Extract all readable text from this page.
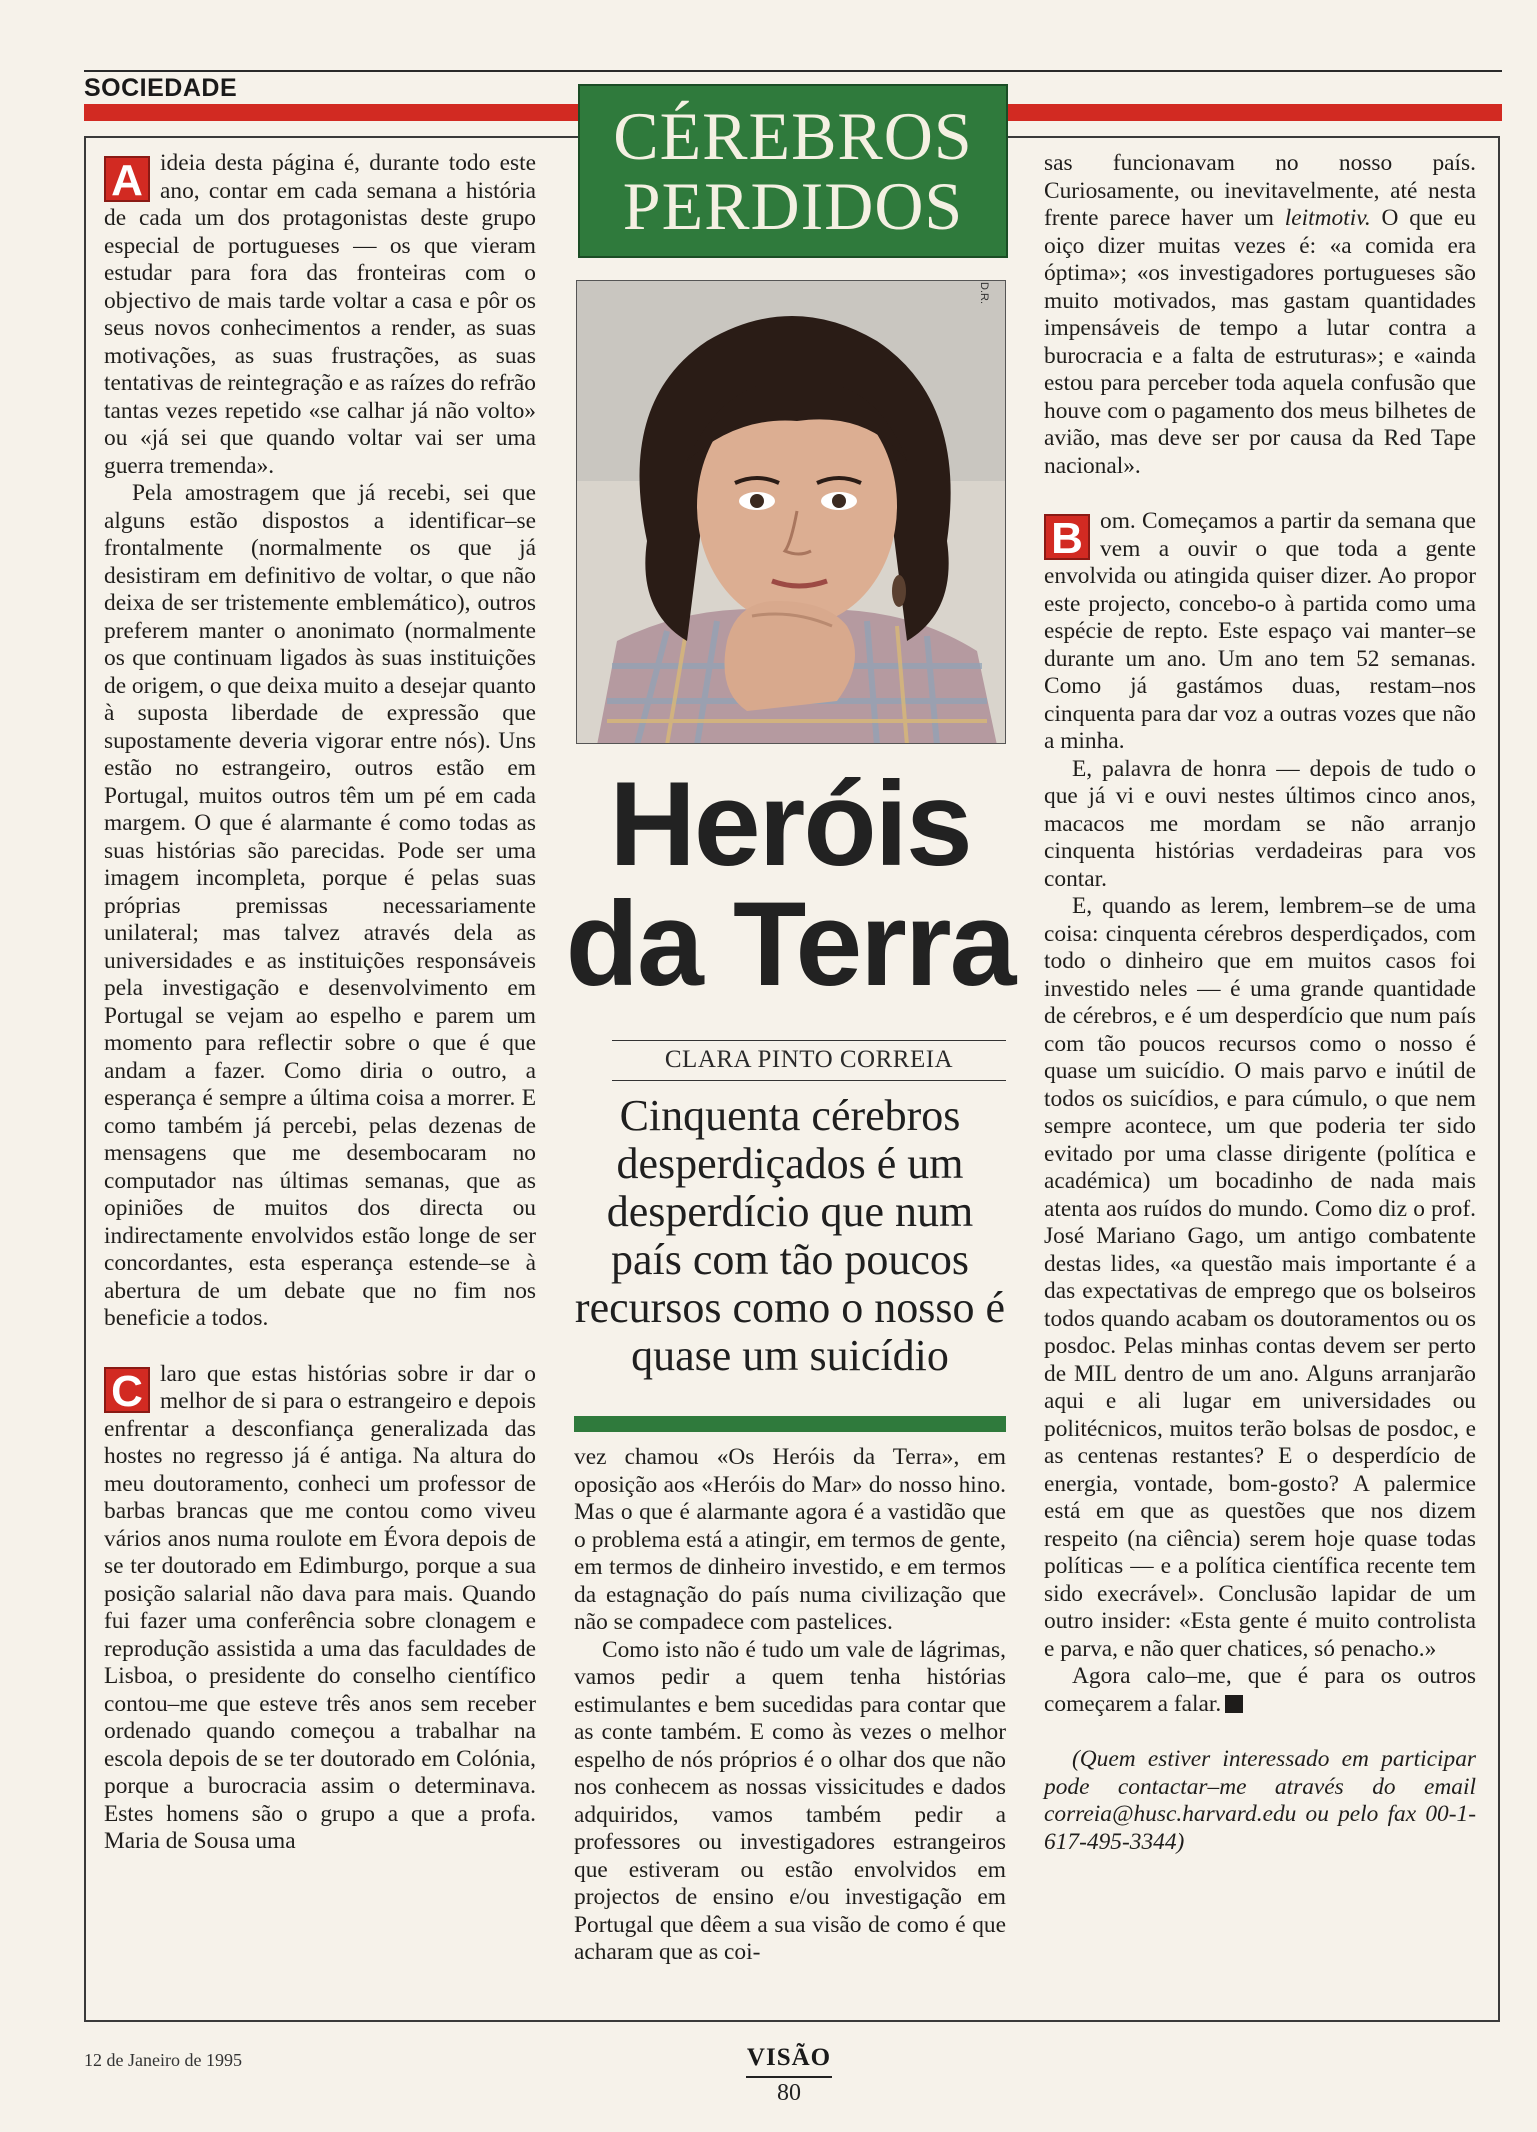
SOCIEDADE
CÉREBROS
PERDIDOS
D.R.
Heróis
da Terra
CLARA PINTO CORREIA
Cinquenta cérebros desperdiçados é um desperdício que num país com tão poucos recursos como o nosso é quase um suicídio

A ideia desta página é, durante todo este ano, contar em cada semana a história de cada um dos protagonistas deste grupo especial de portugueses — os que vieram estudar para fora das fronteiras com o objectivo de mais tarde voltar a casa e pôr os seus novos conhecimentos a render, as suas motivações, as suas frustrações, as suas tentativas de reintegração e as raízes do refrão tantas vezes repetido «se calhar já não volto» ou «já sei que quando voltar vai ser uma guerra tremenda».

Pela amostragem que já recebi, sei que alguns estão dispostos a identificar–se frontalmente (normalmente os que já desistiram em definitivo de voltar, o que não deixa de ser tristemente emblemático), outros preferem manter o anonimato (normalmente os que continuam ligados às suas instituições de origem, o que deixa muito a desejar quanto à suposta liberdade de expressão que supostamente deveria vigorar entre nós). Uns estão no estrangeiro, outros estão em Portugal, muitos outros têm um pé em cada margem. O que é alarmante é como todas as suas histórias são parecidas. Pode ser uma imagem incompleta, porque é pelas suas próprias premissas necessariamente unilateral; mas talvez através dela as universidades e as instituições responsáveis pela investigação e desenvolvimento em Portugal se vejam ao espelho e parem um momento para reflectir sobre o que é que andam a fazer. Como diria o outro, a esperança é sempre a última coisa a morrer. E como também já percebi, pelas dezenas de mensagens que me desembocaram no computador nas últimas semanas, que as opiniões de muitos dos directa ou indirectamente envolvidos estão longe de ser concordantes, esta esperança estende–se à abertura de um debate que no fim nos beneficie a todos.

C laro que estas histórias sobre ir dar o melhor de si para o estrangeiro e depois enfrentar a desconfiança generalizada das hostes no regresso já é antiga. Na altura do meu doutoramento, conheci um professor de barbas brancas que me contou como viveu vários anos numa roulote em Évora depois de se ter doutorado em Edimburgo, porque a sua posição salarial não dava para mais. Quando fui fazer uma conferência sobre clonagem e reprodução assistida a uma das faculdades de Lisboa, o presidente do conselho científico contou–me que esteve três anos sem receber ordenado quando começou a trabalhar na escola depois de se ter doutorado em Colónia, porque a burocracia assim o determinava. Estes homens são o grupo a que a profa. Maria de Sousa uma

vez chamou «Os Heróis da Terra», em oposição aos «Heróis do Mar» do nosso hino. Mas o que é alarmante agora é a vastidão que o problema está a atingir, em termos de gente, em termos de dinheiro investido, e em termos da estagnação do país numa civilização que não se compadece com pastelices.

Como isto não é tudo um vale de lágrimas, vamos pedir a quem tenha histórias estimulantes e bem sucedidas para contar que as conte também. E como às vezes o melhor espelho de nós próprios é o olhar dos que não nos conhecem as nossas vissicitudes e dados adquiridos, vamos também pedir a professores ou investigadores estrangeiros que estiveram ou estão envolvidos em projectos de ensino e/ou investigação em Portugal que dêem a sua visão de como é que acharam que as coi-

sas funcionavam no nosso país. Curiosamente, ou inevitavelmente, até nesta frente parece haver um leitmotiv. O que eu oiço dizer muitas vezes é: «a comida era óptima»; «os investigadores portugueses são muito motivados, mas gastam quantidades impensáveis de tempo a lutar contra a burocracia e a falta de estruturas»; e «ainda estou para perceber toda aquela confusão que houve com o pagamento dos meus bilhetes de avião, mas deve ser por causa da Red Tape nacional».

B om. Começamos a partir da semana que vem a ouvir o que toda a gente envolvida ou atingida quiser dizer. Ao propor este projecto, concebo-o à partida como uma espécie de repto. Este espaço vai manter–se durante um ano. Um ano tem 52 semanas. Como já gastámos duas, restam–nos cinquenta para dar voz a outras vozes que não a minha.

E, palavra de honra — depois de tudo o que já vi e ouvi nestes últimos cinco anos, macacos me mordam se não arranjo cinquenta histórias verdadeiras para vos contar.

E, quando as lerem, lembrem–se de uma coisa: cinquenta cérebros desperdiçados, com todo o dinheiro que em muitos casos foi investido neles — é uma grande quantidade de cérebros, e é um desperdício que num país com tão poucos recursos como o nosso é quase um suicídio. O mais parvo e inútil de todos os suicídios, e para cúmulo, o que nem sempre acontece, um que poderia ter sido evitado por uma classe dirigente (política e académica) um bocadinho de nada mais atenta aos ruídos do mundo. Como diz o prof. José Mariano Gago, um antigo combatente destas lides, «a questão mais importante é a das expectativas de emprego que os bolseiros todos quando acabam os doutoramentos ou os posdoc. Pelas minhas contas devem ser perto de MIL dentro de um ano. Alguns arranjarão aqui e ali lugar em universidades ou politécnicos, muitos terão bolsas de posdoc, e as centenas restantes? E o desperdício de energia, vontade, bom-gosto? A palermice está em que as questões que nos dizem respeito (na ciência) serem hoje quase todas políticas — e a política científica recente tem sido execrável». Conclusão lapidar de um outro insider: «Esta gente é muito controlista e parva, e não quer chatices, só penacho.»

Agora calo–me, que é para os outros começarem a falar.

(Quem estiver interessado em participar pode contactar–me através do email correia@husc.harvard.edu ou pelo fax 00-1-617-495-3344)

12 de Janeiro de 1995	VISÃO
80
